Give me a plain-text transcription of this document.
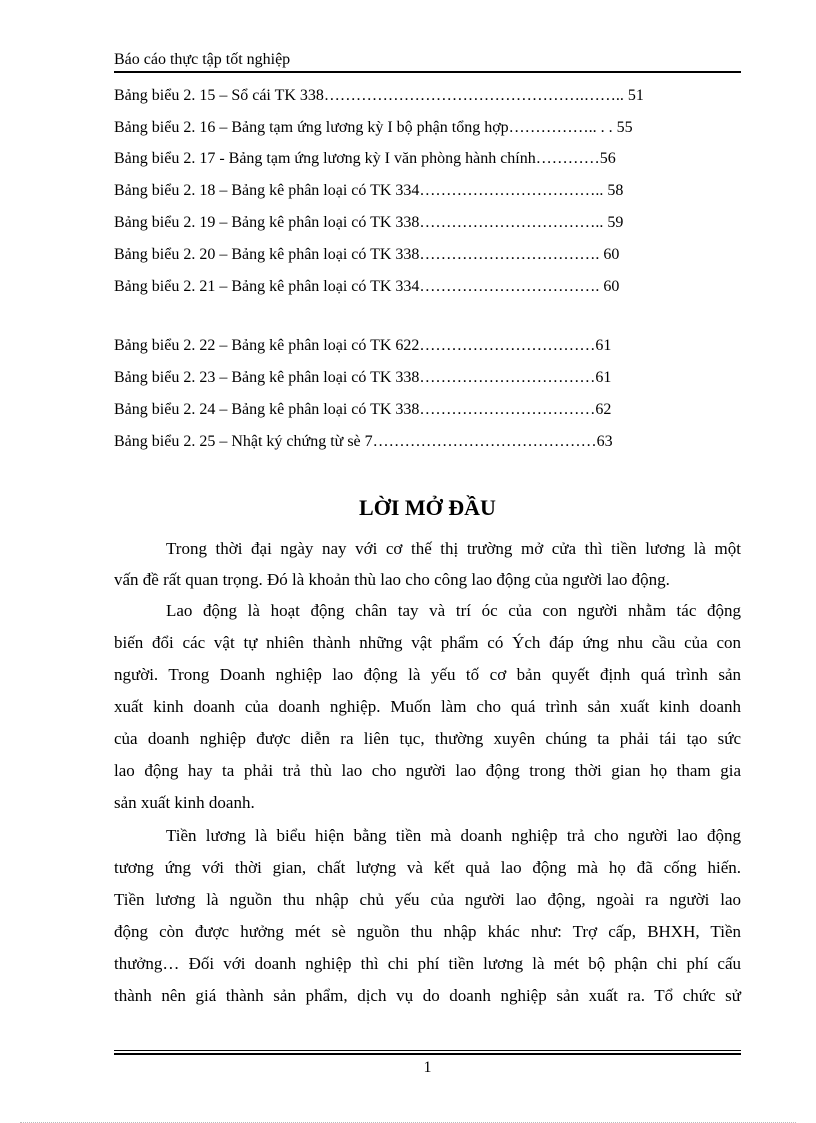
Báo cáo thực tập tốt nghiệp
Bảng biểu 2. 15 – Sổ cái TK 338………………………………………….…….. 51
Bảng biểu 2. 16 – Bảng tạm ứng lương kỳ I bộ phận tổng hợp…………….. . . 55
Bảng biểu 2. 17 - Bảng tạm ứng lương kỳ I văn phòng hành chính…………56
Bảng biểu 2. 18 – Bảng kê phân loại có TK 334…………………………….. 58
Bảng biểu 2. 19 – Bảng kê phân loại có TK 338…………………………….. 59
Bảng biểu 2. 20 – Bảng kê phân loại có TK 338……………………………. 60
Bảng biểu 2. 21 – Bảng kê phân loại có TK 334……………………………. 60
Bảng biểu 2. 22 – Bảng kê phân loại có TK 622……………………………61
Bảng biểu 2. 23 – Bảng kê phân loại có TK 338……………………………61
Bảng biểu 2. 24 – Bảng kê phân loại có TK 338……………………………62
Bảng biểu 2. 25 – Nhật ký chứng từ sè 7……………………………………63
LỜI MỞ ĐẦU
Trong thời đại ngày nay với cơ thế thị trường mở cửa thì tiền lương là một
vấn đề rất quan trọng. Đó là khoản thù lao cho công lao động của người lao động.
Lao động là hoạt động chân tay và trí óc của con người nhằm tác động
biến đổi các vật tự nhiên thành những vật phẩm có Ých đáp ứng nhu cầu của con
người. Trong Doanh nghiệp lao động là yếu tố cơ bản quyết định quá trình sản
xuất kinh doanh của doanh nghiệp. Muốn làm cho quá trình sản xuất kinh doanh
của doanh nghiệp được diễn ra liên tục, thường xuyên chúng ta phải tái tạo sức
lao động hay ta phải trả thù lao cho người lao động trong thời gian họ tham gia
sản xuất kinh doanh.
Tiền lương là biểu hiện bằng tiền mà doanh nghiệp trả cho người lao động
tương ứng với thời gian, chất lượng và kết quả lao động mà họ đã cống hiến.
Tiền lương là nguồn thu nhập chủ yếu của người lao động, ngoài ra người lao
động còn được hưởng mét sè nguồn thu nhập khác như: Trợ cấp, BHXH, Tiền
thưởng… Đối với doanh nghiệp thì chi phí tiền lương là mét bộ phận chi phí cấu
thành nên giá thành sản phẩm, dịch vụ do doanh nghiệp sản xuất ra. Tổ chức sử
1
